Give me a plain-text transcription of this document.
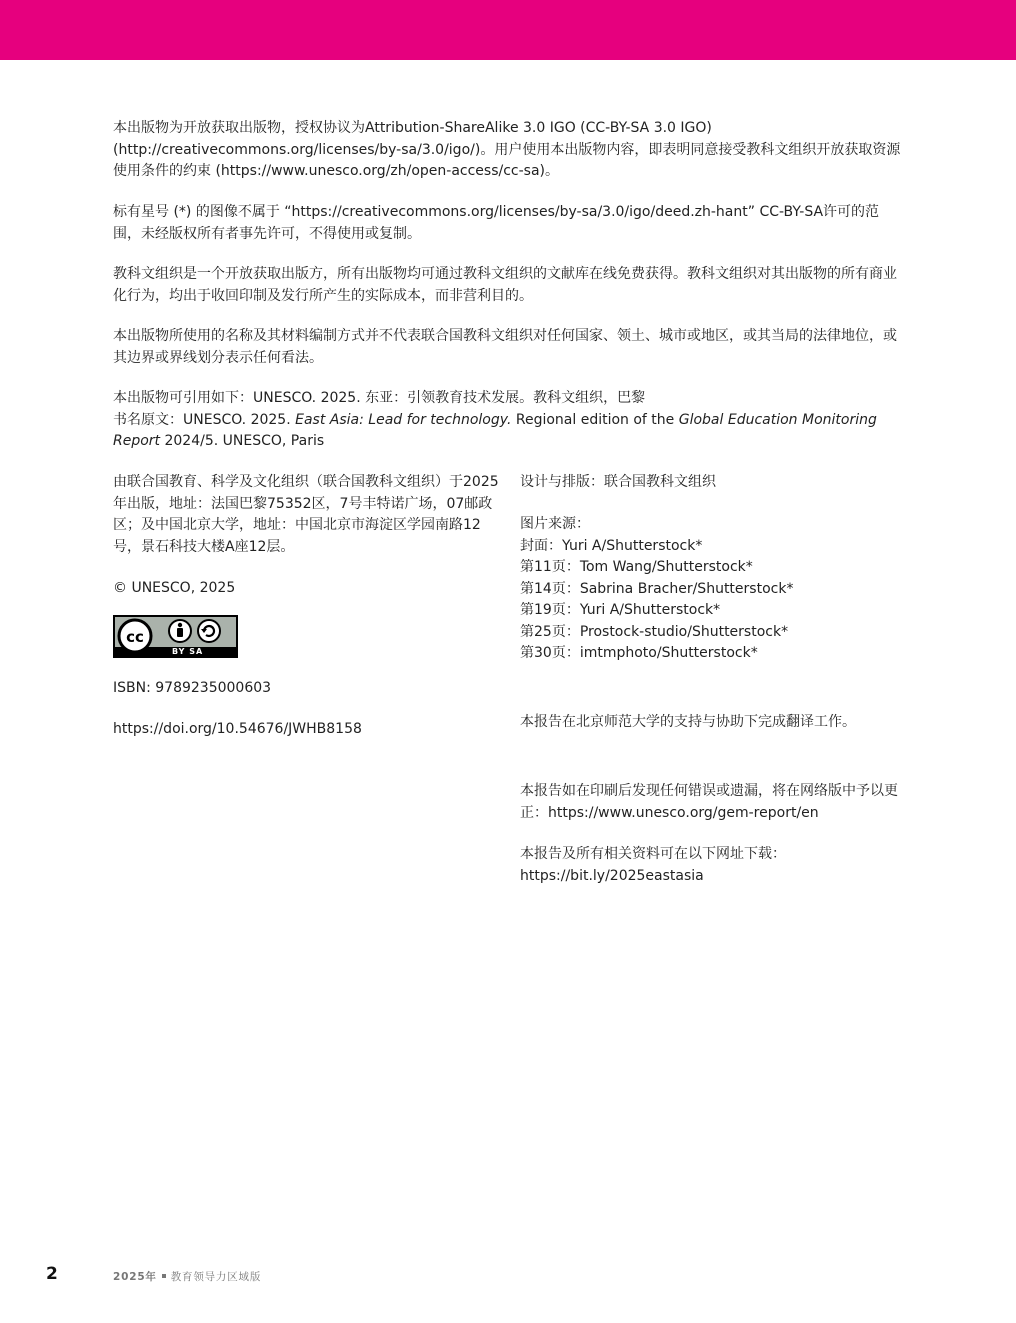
本出版物为开放获取出版物，授权协议为Attribution-ShareAlike 3.0 IGO (CC-BY-SA 3.0 IGO) (http://creativecommons.org/licenses/by-sa/3.0/igo/)。用户使用本出版物内容，即表明同意接受教科文组织开放获取资源使用条件的约束 (https://www.unesco.org/zh/open-access/cc-sa)。

标有星号 (*) 的图像不属于 “https://creativecommons.org/licenses/by-sa/3.0/igo/deed.zh-hant” CC-BY-SA许可的范围，未经版权所有者事先许可，不得使用或复制。

教科文组织是一个开放获取出版方，所有出版物均可通过教科文组织的文献库在线免费获得。教科文组织对其出版物的所有商业化行为，均出于收回印制及发行所产生的实际成本，而非营利目的。

本出版物所使用的名称及其材料编制方式并不代表联合国教科文组织对任何国家、领土、城市或地区，或其当局的法律地位，或其边界或界线划分表示任何看法。

本出版物可引用如下：UNESCO. 2025. 东亚：引领教育技术发展。教科文组织，巴黎
书名原文：UNESCO. 2025. East Asia: Lead for technology. Regional edition of the Global Education Monitoring Report 2024/5. UNESCO, Paris

由联合国教育、科学及文化组织（联合国教科文组织）于2025年出版，地址：法国巴黎75352区，7号丰特诺广场，07邮政区；及中国北京大学，地址：中国北京市海淀区学园南路12号，景石科技大楼A座12层。

© UNESCO, 2025

cc
BY SA

ISBN: 9789235000603

https://doi.org/10.54676/JWHB8158

设计与排版：联合国教科文组织

图片来源：

封面：Yuri A/Shutterstock*

第11页：Tom Wang/Shutterstock*

第14页：Sabrina Bracher/Shutterstock*

第19页：Yuri A/Shutterstock*

第25页：Prostock-studio/Shutterstock*

第30页：imtmphoto/Shutterstock*

本报告在北京师范大学的支持与协助下完成翻译工作。

本报告如在印刷后发现任何错误或遗漏，将在网络版中予以更正：https://www.unesco.org/gem-report/en

本报告及所有相关资料可在以下网址下载：

https://bit.ly/2025eastasia

2	2025年 教育领导力区域版
